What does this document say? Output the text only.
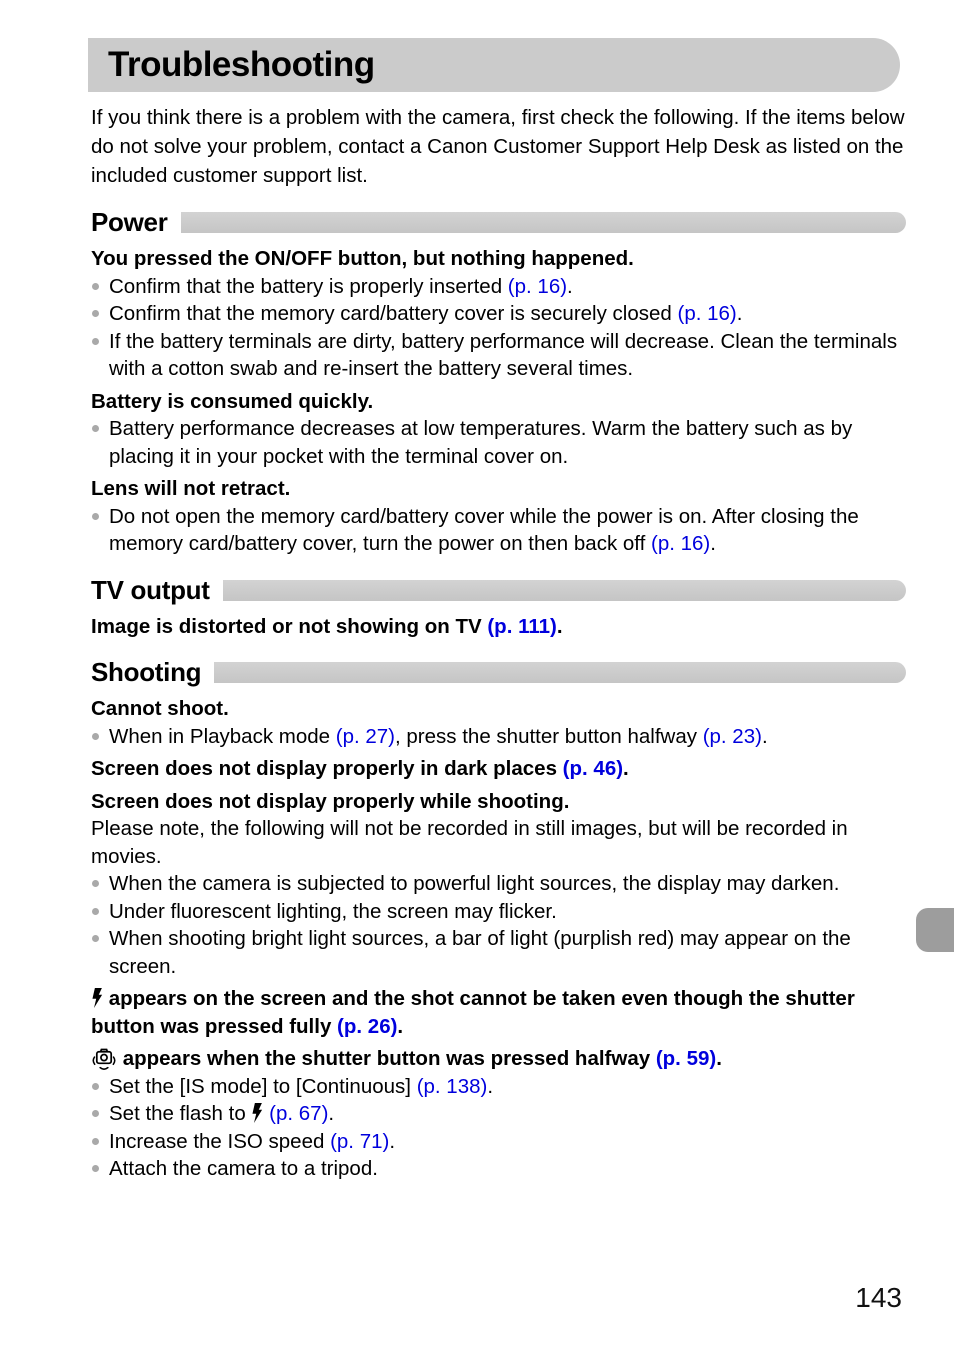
Troubleshooting
If you think there is a problem with the camera, first check the following. If the items below do not solve your problem, contact a Canon Customer Support Help Desk as listed on the included customer support list.
Power
You pressed the ON/OFF button, but nothing happened.
Confirm that the battery is properly inserted (p. 16).
Confirm that the memory card/battery cover is securely closed (p. 16).
If the battery terminals are dirty, battery performance will decrease. Clean the terminals with a cotton swab and re-insert the battery several times.
Battery is consumed quickly.
Battery performance decreases at low temperatures. Warm the battery such as by placing it in your pocket with the terminal cover on.
Lens will not retract.
Do not open the memory card/battery cover while the power is on. After closing the memory card/battery cover, turn the power on then back off (p. 16).
TV output
Image is distorted or not showing on TV (p. 111).
Shooting
Cannot shoot.
When in Playback mode (p. 27), press the shutter button halfway (p. 23).
Screen does not display properly in dark places (p. 46).
Screen does not display properly while shooting.
Please note, the following will not be recorded in still images, but will be recorded in movies.
When the camera is subjected to powerful light sources, the display may darken.
Under fluorescent lighting, the screen may flicker.
When shooting bright light sources, a bar of light (purplish red) may appear on the screen.
appears on the screen and the shot cannot be taken even though the shutter button was pressed fully (p. 26).
appears when the shutter button was pressed halfway (p. 59).
Set the [IS mode] to [Continuous] (p. 138).
Set the flash to  (p. 67).
Increase the ISO speed (p. 71).
Attach the camera to a tripod.
143
